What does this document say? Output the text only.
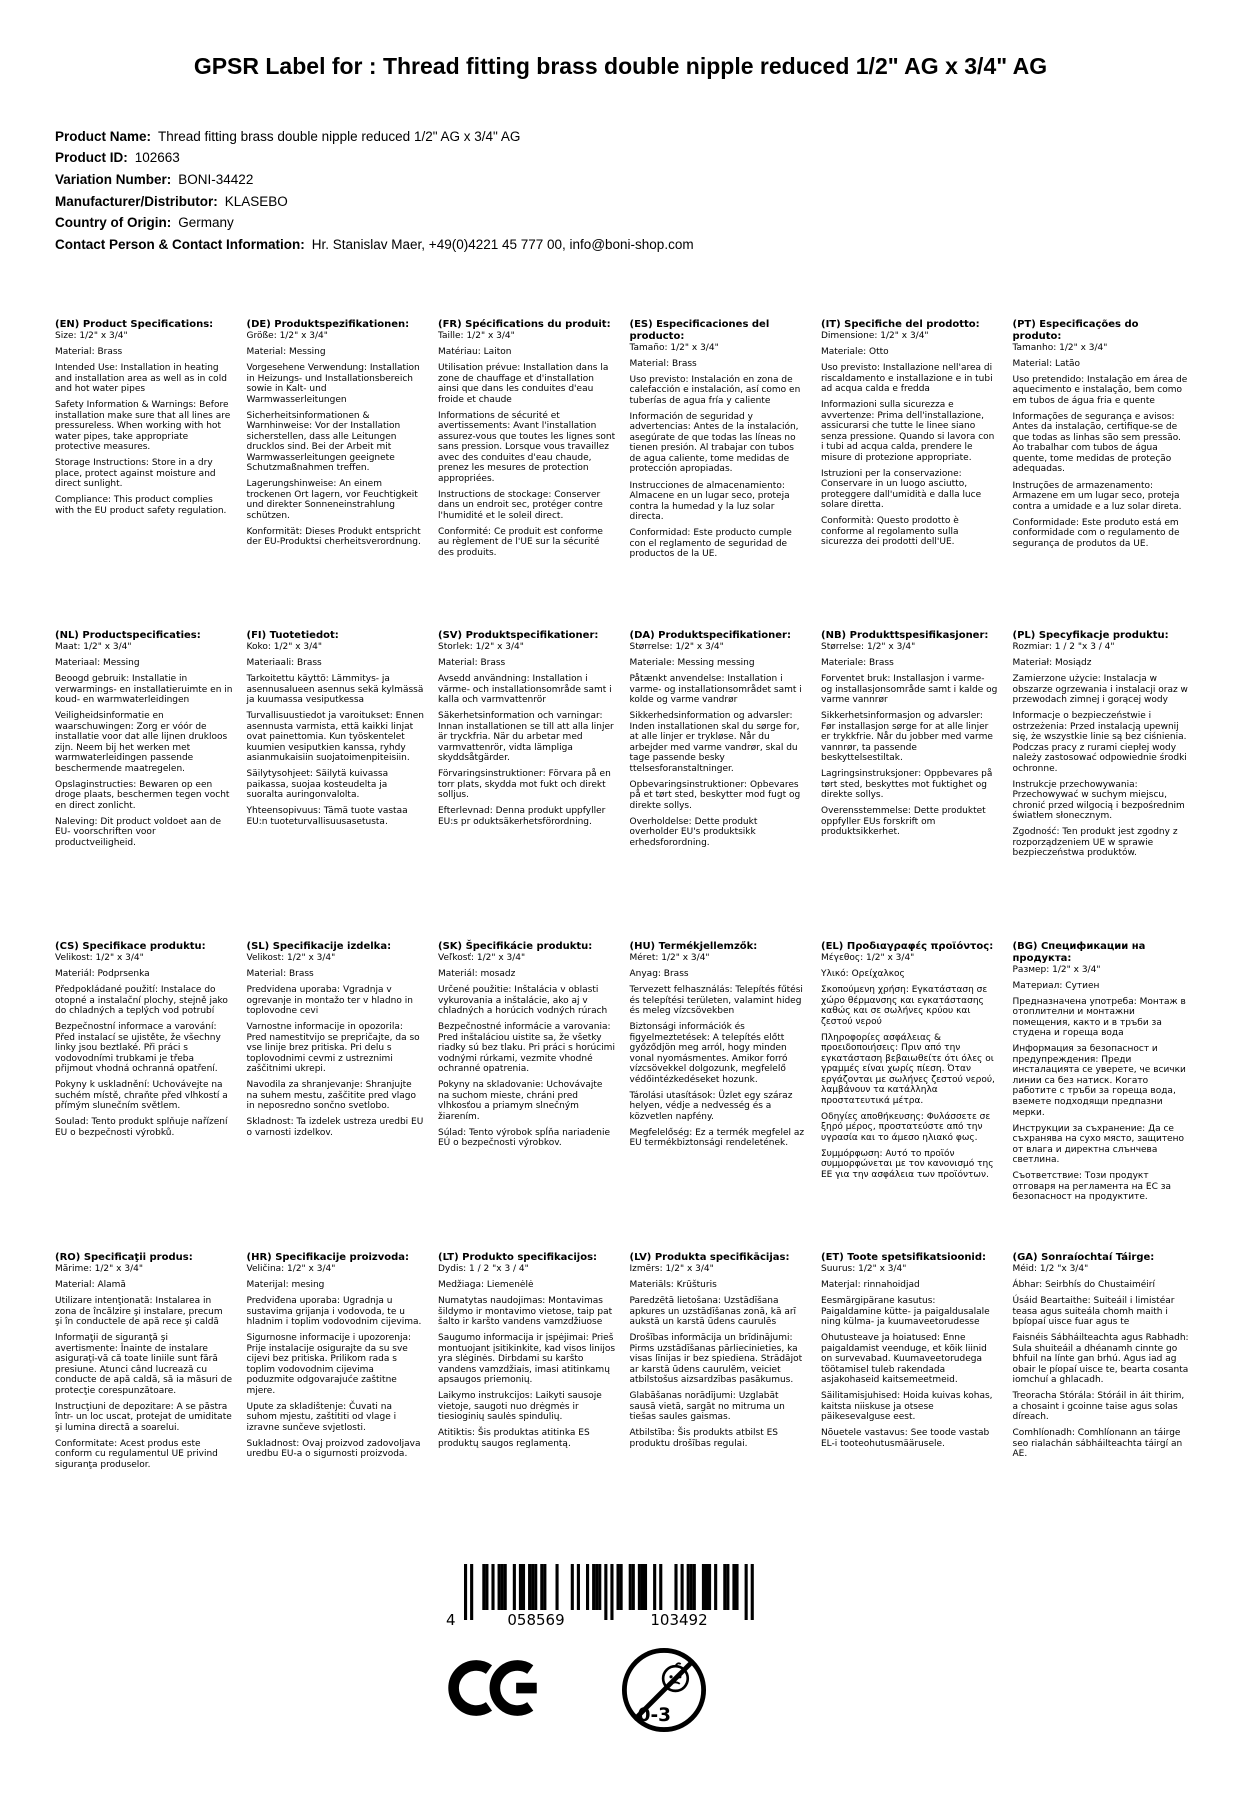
GPSR Label for : Thread fitting brass double nipple reduced 1/2" AG x 3/4" AG
Product Name: Thread fitting brass double nipple reduced 1/2" AG x 3/4" AG
Product ID: 102663
Variation Number: BONI-34422
Manufacturer/Distributor: KLASEBO
Country of Origin: Germany
Contact Person & Contact Information: Hr. Stanislav Maer, +49(0)4221 45 777 00, info@boni-shop.com
(EN) Product Specifications:

Size: 1/2" x 3/4"

Material: Brass

Intended Use: Installation in heating and installation area as well as in cold and hot water pipes

Safety Information & Warnings: Before installation make sure that all lines are pressureless. When working with hot water pipes, take appropriate protective measures.

Storage Instructions: Store in a dry place, protect against moisture and direct sunlight.

Compliance: This product complies with the EU product safety regulation.

(DE) Produktspezifikationen:

Größe: 1/2" x 3/4"

Material: Messing

Vorgesehene Verwendung: Installation in Heizungs- und Installationsbereich sowie in Kalt- und Warmwasserleitungen

Sicherheitsinformationen & Warnhinweise: Vor der Installation sicherstellen, dass alle Leitungen drucklos sind. Bei der Arbeit mit Warmwasserleitungen geeignete Schutzmaßnahmen treffen.

Lagerungshinweise: An einem trockenen Ort lagern, vor Feuchtigkeit und direkter Sonneneinstrahlung schützen.

Konformität: Dieses Produkt entspricht der EU-Produktsi cherheitsverordnung.

(FR) Spécifications du produit:

Taille: 1/2" x 3/4"

Matériau: Laiton

Utilisation prévue: Installation dans la zone de chauffage et d'installation ainsi que dans les conduites d'eau froide et chaude

Informations de sécurité et avertissements: Avant l'installation assurez-vous que toutes les lignes sont sans pression. Lorsque vous travaillez avec des conduites d'eau chaude, prenez les mesures de protection appropriées.

Instructions de stockage: Conserver dans un endroit sec, protéger contre l'humidité et le soleil direct.

Conformité: Ce produit est conforme au règlement de l'UE sur la sécurité des produits.

(ES) Especificaciones del producto:

Tamaño: 1/2" x 3/4"

Material: Brass

Uso previsto: Instalación en zona de calefacción e instalación, así como en tuberías de agua fría y caliente

Información de seguridad y advertencias: Antes de la instalación, asegúrate de que todas las líneas no tienen presión. Al trabajar con tubos de agua caliente, tome medidas de protección apropiadas.

Instrucciones de almacenamiento: Almacene en un lugar seco, proteja contra la humedad y la luz solar directa.

Conformidad: Este producto cumple con el reglamento de seguridad de productos de la UE.

(IT) Specifiche del prodotto:

Dimensione: 1/2" x 3/4"

Materiale: Otto

Uso previsto: Installazione nell'area di riscaldamento e installazione e in tubi ad acqua calda e fredda

Informazioni sulla sicurezza e avvertenze: Prima dell'installazione, assicurarsi che tutte le linee siano senza pressione. Quando si lavora con i tubi ad acqua calda, prendere le misure di protezione appropriate.

Istruzioni per la conservazione: Conservare in un luogo asciutto, proteggere dall'umidità e dalla luce solare diretta.

Conformità: Questo prodotto è conforme al regolamento sulla sicurezza dei prodotti dell'UE.

(PT) Especificações do produto:

Tamanho: 1/2" x 3/4"

Material: Latão

Uso pretendido: Instalação em área de aquecimento e instalação, bem como em tubos de água fria e quente

Informações de segurança e avisos: Antes da instalação, certifique-se de que todas as linhas são sem pressão. Ao trabalhar com tubos de água quente, tome medidas de proteção adequadas.

Instruções de armazenamento: Armazene em um lugar seco, proteja contra a umidade e a luz solar direta.

Conformidade: Este produto está em conformidade com o regulamento de segurança de produtos da UE.

(NL) Productspecificaties:

Maat: 1/2" x 3/4"

Materiaal: Messing

Beoogd gebruik: Installatie in verwarmings- en installatieruimte en in koud- en warmwaterleidingen

Veiligheidsinformatie en waarschuwingen: Zorg er vóór de installatie voor dat alle lijnen drukloos zijn. Neem bij het werken met warmwaterleidingen passende beschermende maatregelen.

Opslaginstructies: Bewaren op een droge plaats, beschermen tegen vocht en direct zonlicht.

Naleving: Dit product voldoet aan de EU- voorschriften voor productveiligheid.

(FI) Tuotetiedot:

Koko: 1/2" x 3/4"

Materiaali: Brass

Tarkoitettu käyttö: Lämmitys- ja asennusalueen asennus sekä kylmässä ja kuumassa vesiputkessa

Turvallisuustiedot ja varoitukset: Ennen asennusta varmista, että kaikki linjat ovat painettomia. Kun työskentelet kuumien vesiputkien kanssa, ryhdy asianmukaisiin suojatoimenpiteisiin.

Säilytysohjeet: Säilytä kuivassa paikassa, suojaa kosteudelta ja suoralta auringonvalolta.

Yhteensopivuus: Tämä tuote vastaa EU:n tuoteturvallisuusasetusta.

(SV) Produktspecifikationer:

Storlek: 1/2" x 3/4"

Material: Brass

Avsedd användning: Installation i värme- och installationsområde samt i kalla och varmvattenrör

Säkerhetsinformation och varningar: Innan installationen se till att alla linjer är tryckfria. När du arbetar med varmvattenrör, vidta lämpliga skyddsåtgärder.

Förvaringsinstruktioner: Förvara på en torr plats, skydda mot fukt och direkt solljus.

Efterlevnad: Denna produkt uppfyller EU:s pr oduktsäkerhetsförordning.

(DA) Produktspecifikationer:

Størrelse: 1/2" x 3/4"

Materiale: Messing messing

Påtænkt anvendelse: Installation i varme- og installationsområdet samt i kolde og varme vandrør

Sikkerhedsinformation og advarsler: Inden installationen skal du sørge for, at alle linjer er trykløse. Når du arbejder med varme vandrør, skal du tage passende besky ttelsesforanstaltninger.

Opbevaringsinstruktioner: Opbevares på et tørt sted, beskytter mod fugt og direkte sollys.

Overholdelse: Dette produkt overholder EU's produktsikk erhedsforordning.

(NB) Produkttspesifikasjoner:

Størrelse: 1/2" x 3/4"

Materiale: Brass

Forventet bruk: Installasjon i varme- og installasjonsområde samt i kalde og varme vannrør

Sikkerhetsinformasjon og advarsler: Før installasjon sørge for at alle linjer er trykkfrie. Når du jobber med varme vannrør, ta passende beskyttelsestiltak.

Lagringsinstruksjoner: Oppbevares på tørt sted, beskyttes mot fuktighet og direkte sollys.

Overensstemmelse: Dette produktet oppfyller EUs forskrift om produktsikkerhet.

(PL) Specyfikacje produktu:

Rozmiar: 1 / 2 "x 3 / 4"

Materiał: Mosiądz

Zamierzone użycie: Instalacja w obszarze ogrzewania i instalacji oraz w przewodach zimnej i gorącej wody

Informacje o bezpieczeństwie i ostrzeżenia: Przed instalacją upewnij się, że wszystkie linie są bez ciśnienia. Podczas pracy z rurami ciepłej wody należy zastosować odpowiednie środki ochronne.

Instrukcje przechowywania: Przechowywać w suchym miejscu, chronić przed wilgocią i bezpośrednim światłem słonecznym.

Zgodność: Ten produkt jest zgodny z rozporządzeniem UE w sprawie bezpieczeństwa produktów.

(CS) Specifikace produktu:

Velikost: 1/2" x 3/4"

Materiál: Podprsenka

Předpokládané použití: Instalace do otopné a instalační plochy, stejně jako do chladných a teplých vod potrubí

Bezpečnostní informace a varování: Před instalací se ujistěte, že všechny linky jsou beztlaké. Při práci s vodovodními trubkami je třeba přijmout vhodná ochranná opatření.

Pokyny k uskladnění: Uchovávejte na suchém místě, chraňte před vlhkostí a přímým slunečním světlem.

Soulad: Tento produkt splňuje nařízení EU o bezpečnosti výrobků.

(SL) Specifikacije izdelka:

Velikost: 1/2" x 3/4"

Material: Brass

Predvidena uporaba: Vgradnja v ogrevanje in montažo ter v hladno in toplovodne cevi

Varnostne informacije in opozorila: Pred namestitvijo se prepričajte, da so vse linije brez pritiska. Pri delu s toplovodnimi cevmi z ustreznimi zaščitnimi ukrepi.

Navodila za shranjevanje: Shranjujte na suhem mestu, zaščitite pred vlago in neposredno sončno svetlobo.

Skladnost: Ta izdelek ustreza uredbi EU o varnosti izdelkov.

(SK) Špecifikácie produktu:

Veľkosť: 1/2" x 3/4"

Materiál: mosadz

Určené použitie: Inštalácia v oblasti vykurovania a inštalácie, ako aj v chladných a horúcich vodných rúrach

Bezpečnostné informácie a varovania: Pred inštaláciou uistite sa, že všetky riadky sú bez tlaku. Pri práci s horúcimi vodnými rúrkami, vezmite vhodné ochranné opatrenia.

Pokyny na skladovanie: Uchovávajte na suchom mieste, chráni pred vlhkosťou a priamym slnečným žiarením.

Súlad: Tento výrobok spĺňa nariadenie EÚ o bezpečnosti výrobkov.

(HU) Termékjellemzők:

Méret: 1/2" x 3/4"

Anyag: Brass

Tervezett felhasználás: Telepítés fűtési és telepítési területen, valamint hideg és meleg vízcsövekben

Biztonsági információk és figyelmeztetések: A telepítés előtt győződjön meg arról, hogy minden vonal nyomásmentes. Amikor forró vízcsövekkel dolgozunk, megfelelő védőintézkedéseket hozunk.

Tárolási utasítások: Üzlet egy száraz helyen, védje a nedvesség és a közvetlen napfény.

Megfelelőség: Ez a termék megfelel az EU termékbiztonsági rendeletének.

(EL) Προδιαγραφές προϊόντος:

Μέγεθος: 1/2" x 3/4"

Υλικό: Ορείχαλκος

Σκοπούμενη χρήση: Εγκατάσταση σε χώρο θέρμανσης και εγκατάστασης καθώς και σε σωλήνες κρύου και ζεστού νερού

Πληροφορίες ασφάλειας & προειδοποιήσεις: Πριν από την εγκατάσταση βεβαιωθείτε ότι όλες οι γραμμές είναι χωρίς πίεση. Όταν εργάζονται με σωλήνες ζεστού νερού, λαμβάνουν τα κατάλληλα προστατευτικά μέτρα.

Οδηγίες αποθήκευσης: Φυλάσσετε σε ξηρό μέρος, προστατεύστε από την υγρασία και το άμεσο ηλιακό φως.

Συμμόρφωση: Αυτό το προϊόν συμμορφώνεται με τον κανονισμό της ΕΕ για την ασφάλεια των προϊόντων.

(BG) Спецификации на продукта:

Размер: 1/2" x 3/4"

Материал: Сутиен

Предназначена употреба: Монтаж в отоплителни и монтажни помещения, както и в тръби за студена и гореща вода

Информация за безопасност и предупреждения: Преди инсталацията се уверете, че всички линии са без натиск. Когато работите с тръби за гореща вода, вземете подходящи предпазни мерки.

Инструкции за съхранение: Да се съхранява на сухо място, защитено от влага и директна слънчева светлина.

Съответствие: Този продукт отговаря на регламента на ЕС за безопасност на продуктите.

(RO) Specificaţii produs:

Mărime: 1/2" x 3/4"

Material: Alamă

Utilizare intenţionată: Instalarea in zona de încălzire şi instalare, precum şi în conductele de apă rece şi caldă

Informaţii de siguranţă şi avertismente: Înainte de instalare asiguraţi-vă că toate liniile sunt fără presiune. Atunci când lucrează cu conducte de apă caldă, să ia măsuri de protecţie corespunzătoare.

Instrucţiuni de depozitare: A se păstra într- un loc uscat, protejat de umiditate şi lumina directă a soarelui.

Conformitate: Acest produs este conform cu regulamentul UE privind siguranţa produselor.

(HR) Specifikacije proizvoda:

Veličina: 1/2" x 3/4"

Materijal: mesing

Predviđena uporaba: Ugradnja u sustavima grijanja i vodovoda, te u hladnim i toplim vodovodnim cijevima.

Sigurnosne informacije i upozorenja: Prije instalacije osigurajte da su sve cijevi bez pritiska. Prilikom rada s toplim vodovodnim cijevima poduzmite odgovarajuće zaštitne mjere.

Upute za skladištenje: Čuvati na suhom mjestu, zaštititi od vlage i izravne sunčeve svjetlosti.

Sukladnost: Ovaj proizvod zadovoljava uredbu EU-a o sigurnosti proizvoda.

(LT) Produkto specifikacijos:

Dydis: 1 / 2 "x 3 / 4"

Medžiaga: Liemenėlė

Numatytas naudojimas: Montavimas šildymo ir montavimo vietose, taip pat šalto ir karšto vandens vamzdžiuose

Saugumo informacija ir įspėjimai: Prieš montuojant įsitikinkite, kad visos linijos yra slėginės. Dirbdami su karšto vandens vamzdžiais, imasi atitinkamų apsaugos priemonių.

Laikymo instrukcijos: Laikyti sausoje vietoje, saugoti nuo drėgmės ir tiesioginių saulės spindulių.

Atitiktis: Šis produktas atitinka ES produktų saugos reglamentą.

(LV) Produkta specifikācijas:

Izmērs: 1/2" x 3/4"

Materiāls: Krūšturis

Paredzētā lietošana: Uzstādīšana apkures un uzstādīšanas zonā, kā arī aukstā un karstā ūdens caurulēs

Drošības informācija un brīdinājumi: Pirms uzstādīšanas pārliecinieties, ka visas līnijas ir bez spiediena. Strādājot ar karstā ūdens caurulēm, veiciet atbilstošus aizsardzības pasākumus.

Glabāšanas norādījumi: Uzglabāt sausā vietā, sargāt no mitruma un tiešas saules gaismas.

Atbilstība: Šis produkts atbilst ES produktu drošības regulai.

(ET) Toote spetsifikatsioonid:

Suurus: 1/2" x 3/4"

Materjal: rinnahoidjad

Eesmärgipärane kasutus: Paigaldamine kütte- ja paigaldusalale ning külma- ja kuumaveetorudesse

Ohutusteave ja hoiatused: Enne paigaldamist veenduge, et kõik liinid on survevabad. Kuumaveetorudega töötamisel tuleb rakendada asjakohaseid kaitsemeetmeid.

Säilitamisjuhised: Hoida kuivas kohas, kaitsta niiskuse ja otsese päikesevalguse eest.

Nõuetele vastavus: See toode vastab EL-i tooteohutusmäärusele.

(GA) Sonraíochtaí Táirge:

Méid: 1/2 "x 3/4"

Ábhar: Seirbhís do Chustaiméirí

Úsáid Beartaithe: Suiteáil i limistéar teasa agus suiteála chomh maith i bpíopaí uisce fuar agus te

Faisnéis Sábháilteachta agus Rabhadh: Sula shuiteáil a dhéanamh cinnte go bhfuil na línte gan brhú. Agus iad ag obair le píopaí uisce te, bearta cosanta iomchuí a ghlacadh.

Treoracha Stórála: Stóráil in áit thirim, a chosaint i gcoinne taise agus solas díreach.

Comhlíonadh: Comhlíonann an táirge seo rialachán sábháilteachta táirgí an AE.

4	058569	103492
0-3
